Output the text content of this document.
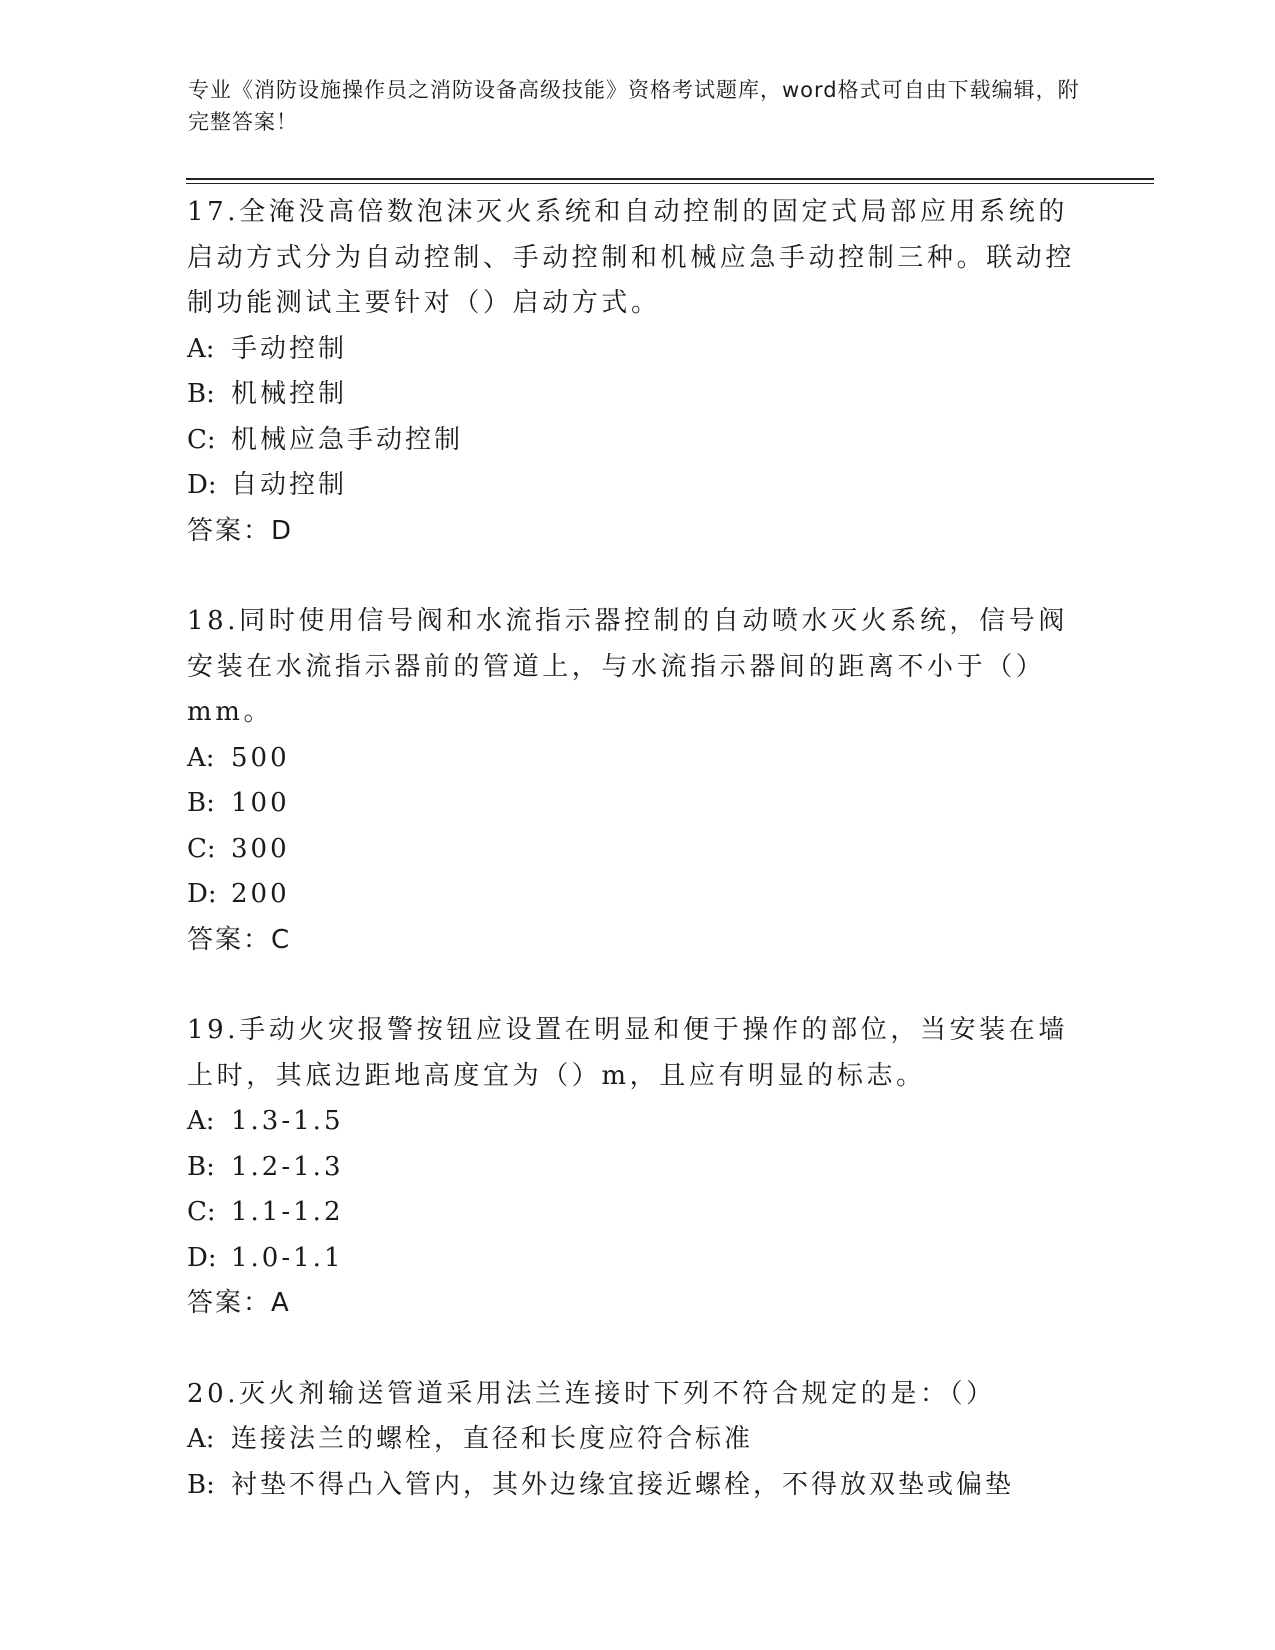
专业《消防设施操作员之消防设备高级技能》资格考试题库，word格式可自由下载编辑，附完整答案！

17.全淹没高倍数泡沫灭火系统和自动控制的固定式局部应用系统的启动方式分为自动控制、手动控制和机械应急手动控制三种。联动控制功能测试主要针对（）启动方式。

A: 手动控制

B: 机械控制

C: 机械应急手动控制

D: 自动控制

答案：D

18.同时使用信号阀和水流指示器控制的自动喷水灭火系统，信号阀安装在水流指示器前的管道上，与水流指示器间的距离不小于（）mm。

A: 500

B: 100

C: 300

D: 200

答案：C

19.手动火灾报警按钮应设置在明显和便于操作的部位，当安装在墙上时，其底边距地高度宜为（）m，且应有明显的标志。

A: 1.3-1.5

B: 1.2-1.3

C: 1.1-1.2

D: 1.0-1.1

答案：A

20.灭火剂输送管道采用法兰连接时下列不符合规定的是：（）

A: 连接法兰的螺栓，直径和长度应符合标准

B: 衬垫不得凸入管内，其外边缘宜接近螺栓，不得放双垫或偏垫
